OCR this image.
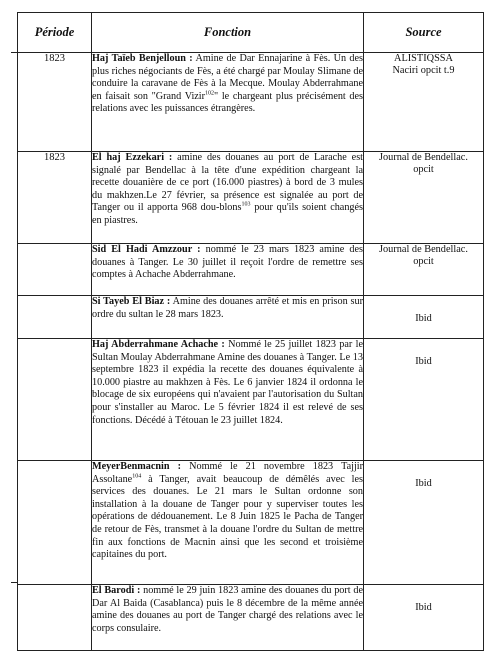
Période	Fonction	Source
1823	Haj Taïeb Benjelloun : Amine de Dar Ennajarine à Fès. Un des plus riches négociants de Fès, a été chargé par Moulay Slimane de conduire la caravane de Fès à la Mecque. Moulay Abderrahmane en faisait son "Grand Vizir$^{102}$" le chargeant plus précisément des relations avec les puissances étrangères.	ALISTIQSSA
Naciri opcit t.9

1823	El haj Ezzekari : amine des douanes au port de Larache est signalé par Bendellac à la tête d'une expédition chargeant la recette douanière de ce port (16.000 piastres) à bord de 3 mules du makhzen.Le 27 février, sa présence est signalée au port de Tanger ou il apporta 968 dou-blons$^{103}$ pour qu'ils soient changés en piastres.	Journal de Bendellac.
opcit

	Sid El Hadi Amzzour : nommé le 23 mars 1823 amine des douanes à Tanger. Le 30 juillet il reçoit l'ordre de remettre ses comptes à Achache Abderrahmane.	Journal de Bendellac.
opcit

	Si Tayeb El Biaz : Amine des douanes arrêté et mis en prison sur ordre du sultan le 28 mars 1823.	Ibid

	Haj Abderrahmane Achache : Nommé le 25 juillet 1823 par le Sultan Moulay Abderrahmane Amine des douanes à Tanger. Le 13 septembre 1823 il expédia la recette des douanes équivalente à 10.000 piastre au makhzen à Fès. Le 6 janvier 1824 il ordonna le blocage de six européens qui n'avaient par l'autorisation du Sultan pour s'installer au Maroc. Le 5 février 1824 il est relevé de ses fonctions. Décédé à Tétouan le 23 juillet 1824.	Ibid

	MeyerBenmacnin : Nommé le 21 novembre 1823 Tajjir Assoltane$^{104}$ à Tanger, avait beaucoup de démêlés avec les services des douanes. Le 21 mars le Sultan ordonne son installation à la douane de Tanger pour y superviser toutes les opérations de dédouanement. Le 8 Juin 1825 le Pacha de Tanger de retour de Fès, transmet à la douane l'ordre du Sultan de mettre fin aux fonctions de Macnin ainsi que les second et troisième capitaines du port.	Ibid

	El Barodi : nommé le 29 juin 1823 amine des douanes du port de Dar Al Baida (Casablanca) puis le 8 décembre de la même année amine des douanes au port de Tanger chargé des relations avec le corps consulaire.	Ibid
